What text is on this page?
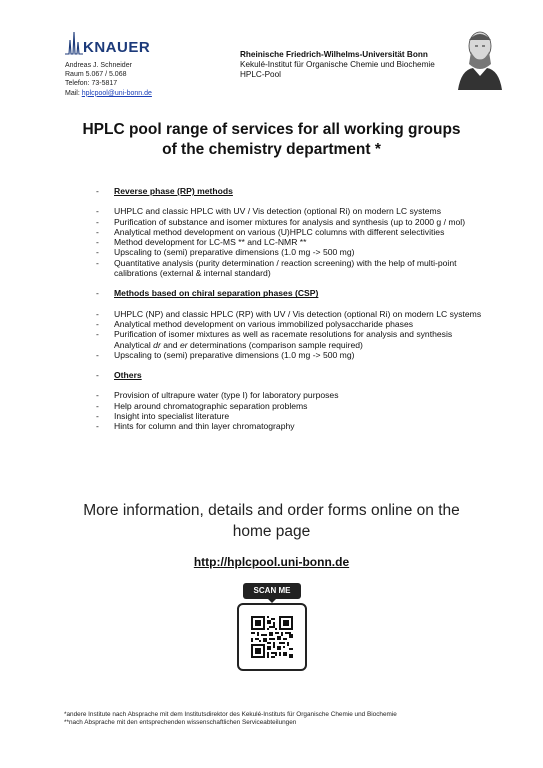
KNAUER
Andreas J. Schneider
Raum 5.067 / 5.068
Telefon: 73-5817
Mail: hplcpool@uni-bonn.de
Rheinische Friedrich-Wilhelms-Universität Bonn
Kekulé-Institut für Organische Chemie und Biochemie
HPLC-Pool
HPLC pool range of services for all working groups
of the chemistry department *
- Reverse phase (RP) methods
- UHPLC and classic HPLC with UV / Vis detection (optional Ri) on modern LC systems
- Purification of substance and isomer mixtures for analysis and synthesis (up to 2000 g / mol)
- Analytical method development on various (U)HPLC columns with different selectivities
- Method development for LC-MS ** and LC-NMR **
- Upscaling to (semi) preparative dimensions (1.0 mg -> 500 mg)
- Quantitative analysis (purity determination / reaction screening) with the help of multi-point calibrations (external & internal standard)
- Methods based on chiral separation phases (CSP)
- UHPLC (NP) and classic HPLC (RP) with UV / Vis detection (optional Ri) on modern LC systems
- Analytical method development on various immobilized polysaccharide phases
- Purification of isomer mixtures as well as racemate resolutions for analysis and synthesis
Analytical dr and er determinations (comparison sample required)
- Upscaling to (semi) preparative dimensions (1.0 mg -> 500 mg)
- Others
- Provision of ultrapure water (type I) for laboratory purposes
- Help around chromatographic separation problems
- Insight into specialist literature
- Hints for column and thin layer chromatography
More information, details and order forms online on the
home page
http://hplcpool.uni-bonn.de
SCAN ME
*andere Institute nach Absprache mit dem Institutsdirektor des Kekulé-Instituts für Organische Chemie und Biochemie
**nach Absprache mit den entsprechenden wissenschaftlichen Serviceabteilungen
